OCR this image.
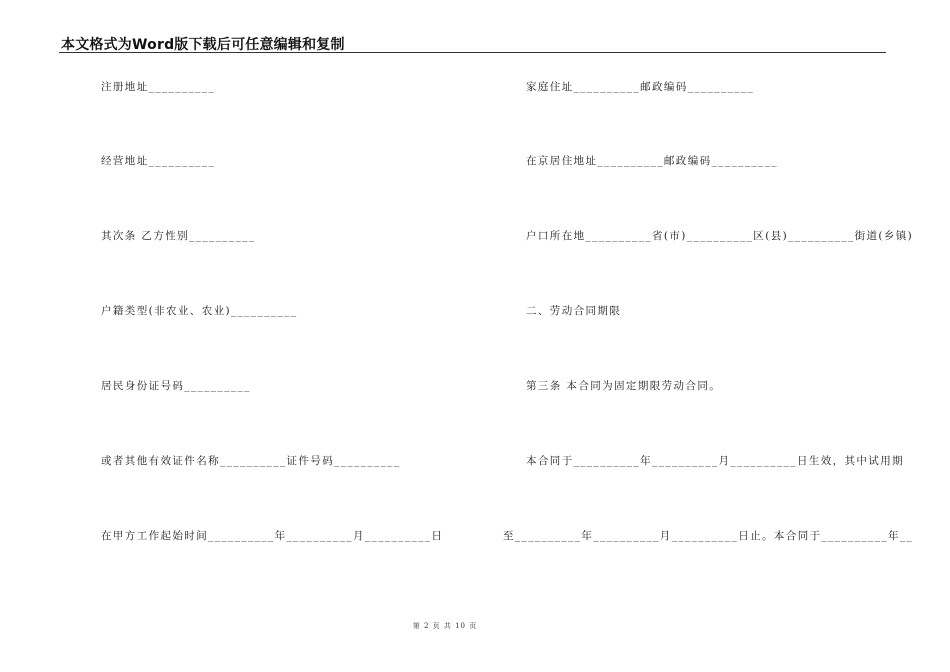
本文格式为Word版下载后可任意编辑和复制
注册地址__________
经营地址__________
其次条 乙方性别__________
户籍类型(非农业、农业)__________
居民身份证号码__________
或者其他有效证件名称__________证件号码__________
在甲方工作起始时间__________年__________月__________日
家庭住址__________邮政编码__________
在京居住地址__________邮政编码__________
户口所在地__________省(市)__________区(县)__________街道(乡镇)
二、劳动合同期限
第三条 本合同为固定期限劳动合同。
本合同于__________年__________月__________日生效，其中试用期
至__________年__________月__________日止。本合同于__________年__
第 2 页 共 10 页
